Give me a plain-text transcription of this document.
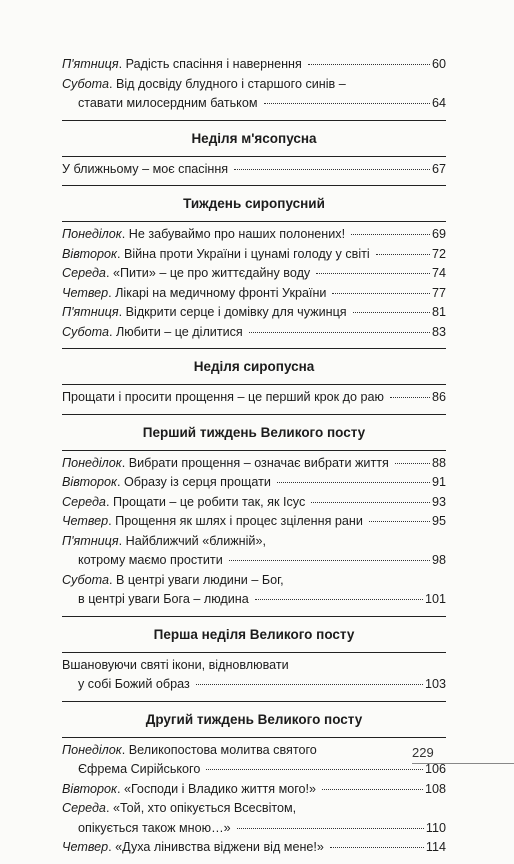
П'ятниця . Радість спасіння і навернення	60
Субота . Від досвіду блудного і старшого синів –
ставати милосердним батьком	64
Неділя м'ясопусна
У ближньому – моє спасіння	67
Тиждень сиропусний
Понеділок . Не забуваймо про наших полонених!	69
Вівторок . Війна проти України і цунамі голоду у світі	72
Середа . «Пити» – це про життєдайну воду	74
Четвер . Лікарі на медичному фронті України	77
П'ятниця . Відкрити серце і домівку для чужинця	81
Субота . Любити – це ділитися	83
Неділя сиропусна
Прощати і просити прощення – це перший крок до раю	86
Перший тиждень Великого посту
Понеділок . Вибрати прощення – означає вибрати життя	88
Вівторок . Образу із серця прощати	91
Середа . Прощати – це робити так, як Ісус	93
Четвер . Прощення як шлях і процес зцілення рани	95
П'ятниця . Найближчий «ближній»,
котрому маємо простити	98
Субота . В центрі уваги людини – Бог,
в центрі уваги Бога – людина	101
Перша неділя Великого посту
Вшановуючи святі ікони, відновлювати
у собі Божий образ	103
Другий тиждень Великого посту
Понеділок . Великопостова молитва святого
Єфрема Сирійського	106
Вівторок . «Господи і Владико життя мого!»	108
Середа . «Той, хто опікується Всесвітом,
опікується також мною…»	110
Четвер . «Духа лінивства віджени від мене!»	114
229
